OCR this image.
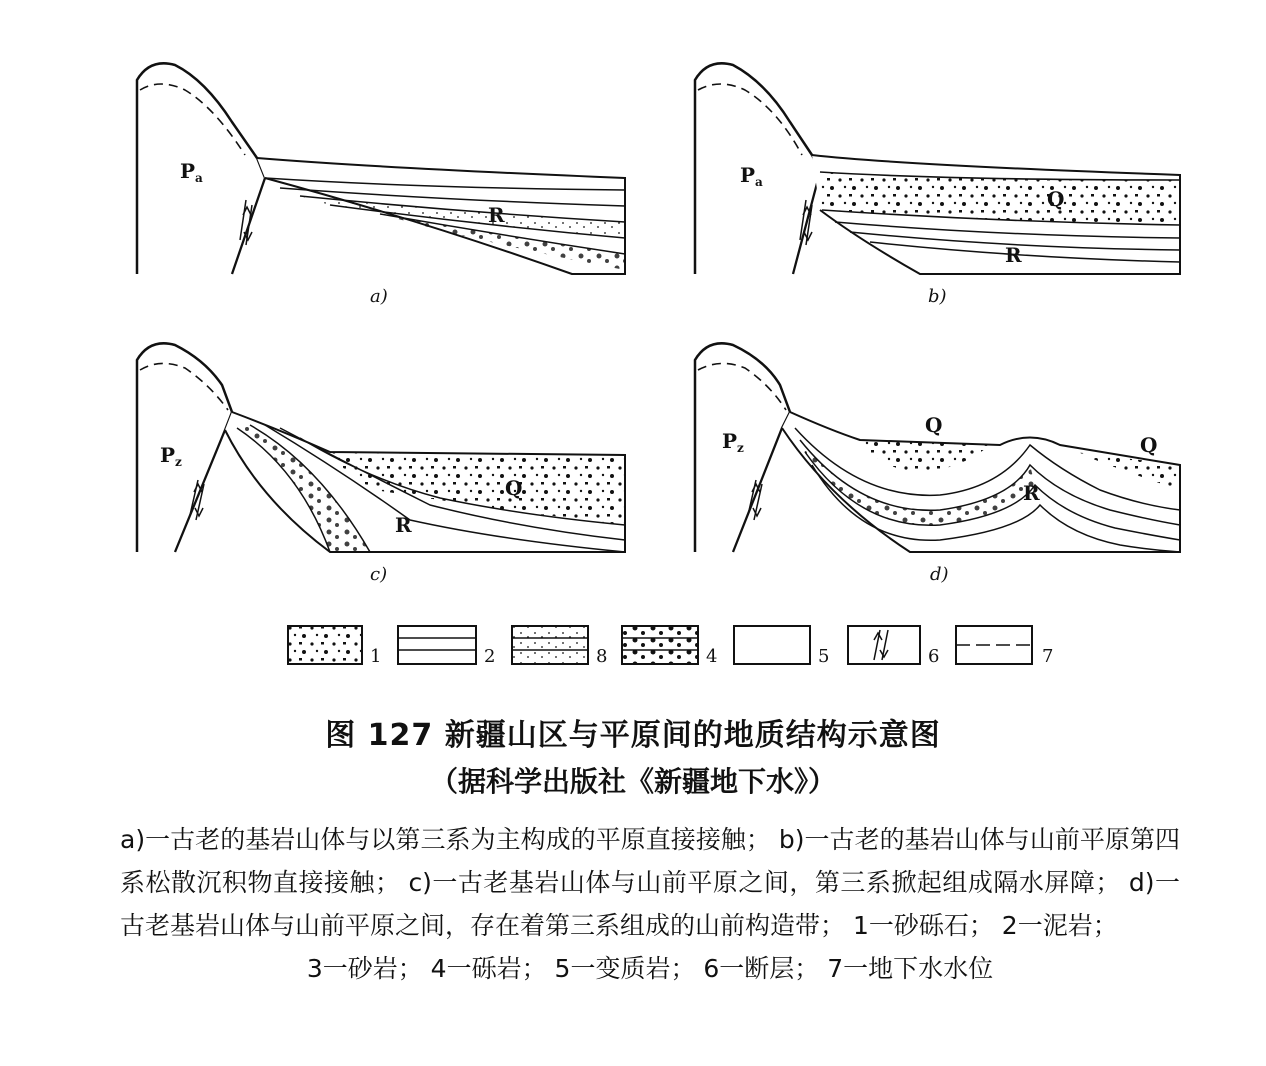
$P_a$
R
a)
$P_a$
Q
R
b)
$P_z$
Q
R
c)
$P_z$
Q
Q
R
d)
1	2	8	4	5	6	7
图 127 新疆山区与平原间的地质结构示意图
（据科学出版社《新疆地下水》）
a)一古老的基岩山体与以第三系为主构成的平原直接接触； b)一古老的基岩山体与山前平原第四系松散沉积物直接接触； c)一古老基岩山体与山前平原之间，第三系掀起组成隔水屏障； d)一古老基岩山体与山前平原之间，存在着第三系组成的山前构造带； 1一砂砾石； 2一泥岩；
3一砂岩； 4一砾岩； 5一变质岩； 6一断层； 7一地下水水位
